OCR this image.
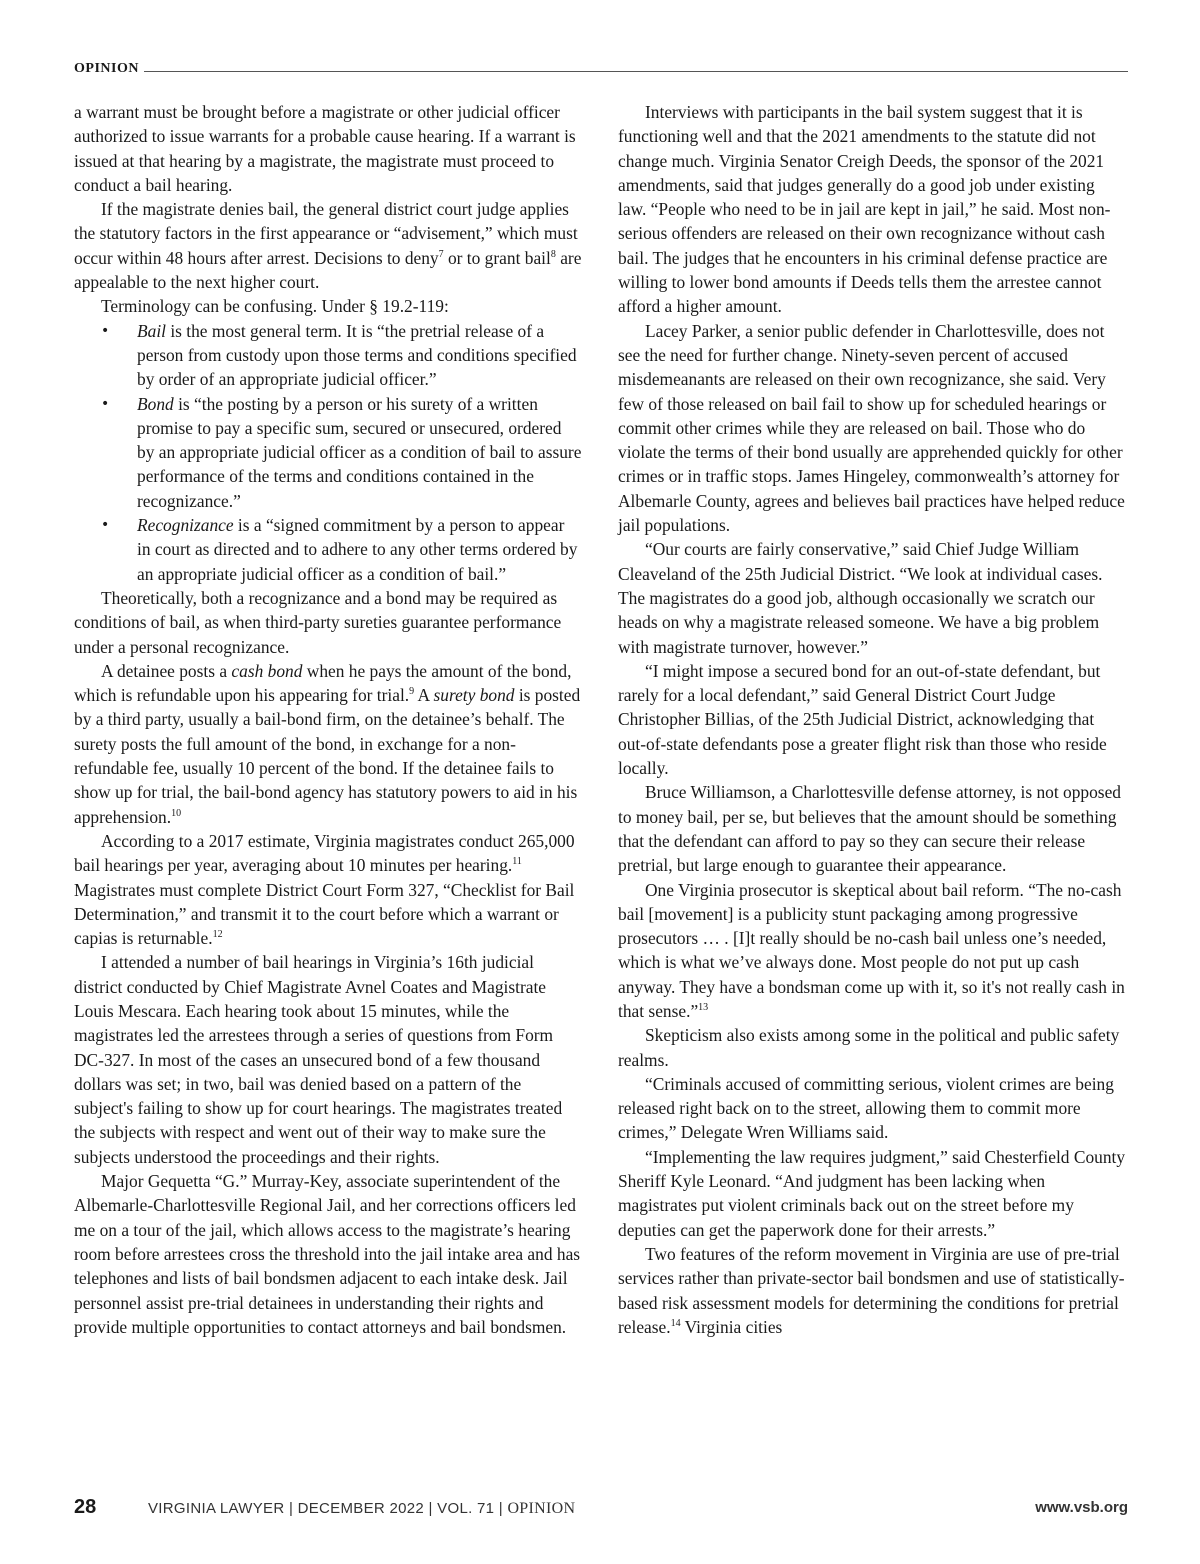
OPINION

a warrant must be brought before a magistrate or other judicial officer authorized to issue warrants for a probable cause hearing. If a warrant is issued at that hearing by a magistrate, the magistrate must proceed to conduct a bail hearing.

If the magistrate denies bail, the general district court judge applies the statutory factors in the first appearance or “advisement,” which must occur within 48 hours after arrest. Decisions to deny$^7$ or to grant bail$^8$ are appealable to the next higher court.

Terminology can be confusing. Under § 19.2-119:

• Bail is the most general term. It is “the pretrial release of a person from custody upon those terms and conditions specified by order of an appropriate judicial officer.”
• Bond is “the posting by a person or his surety of a written promise to pay a specific sum, secured or unsecured, ordered by an appropriate judicial officer as a condition of bail to assure performance of the terms and conditions contained in the recognizance.”
• Recognizance is a “signed commitment by a person to appear in court as directed and to adhere to any other terms ordered by an appropriate judicial officer as a condition of bail.”

Theoretically, both a recognizance and a bond may be required as conditions of bail, as when third-party sureties guarantee performance under a personal recognizance.

A detainee posts a cash bond when he pays the amount of the bond, which is refundable upon his appearing for trial.$^9$ A surety bond is posted by a third party, usually a bail-bond firm, on the detainee’s behalf. The surety posts the full amount of the bond, in exchange for a non-refundable fee, usually 10 percent of the bond. If the detainee fails to show up for trial, the bail-bond agency has statutory powers to aid in his apprehension.$^{10}$

According to a 2017 estimate, Virginia magistrates conduct 265,000 bail hearings per year, averaging about 10 minutes per hearing.$^{11}$ Magistrates must complete District Court Form 327, “Checklist for Bail Determination,” and transmit it to the court before which a warrant or capias is returnable.$^{12}$

I attended a number of bail hearings in Virginia’s 16th judicial district conducted by Chief Magistrate Avnel Coates and Magistrate Louis Mescara. Each hearing took about 15 minutes, while the magistrates led the arrestees through a series of questions from Form DC-327. In most of the cases an unsecured bond of a few thousand dollars was set; in two, bail was denied based on a pattern of the subject's failing to show up for court hearings. The magistrates treated the subjects with respect and went out of their way to make sure the subjects understood the proceedings and their rights.

Major Gequetta “G.” Murray-Key, associate superintendent of the Albemarle-Charlottesville Regional Jail, and her corrections officers led me on a tour of the jail, which allows access to the magistrate’s hearing room before arrestees cross the threshold into the jail intake area and has telephones and lists of bail bondsmen adjacent to each intake desk. Jail personnel assist pre-trial detainees in understanding their rights and provide multiple opportunities to contact attorneys and bail bondsmen.

Interviews with participants in the bail system suggest that it is functioning well and that the 2021 amendments to the statute did not change much. Virginia Senator Creigh Deeds, the sponsor of the 2021 amendments, said that judges generally do a good job under existing law. “People who need to be in jail are kept in jail,” he said. Most non-serious offenders are released on their own recognizance without cash bail. The judges that he encounters in his criminal defense practice are willing to lower bond amounts if Deeds tells them the arrestee cannot afford a higher amount.

Lacey Parker, a senior public defender in Charlottesville, does not see the need for further change. Ninety-seven percent of accused misdemeanants are released on their own recognizance, she said. Very few of those released on bail fail to show up for scheduled hearings or commit other crimes while they are released on bail. Those who do violate the terms of their bond usually are apprehended quickly for other crimes or in traffic stops. James Hingeley, commonwealth’s attorney for Albemarle County, agrees and believes bail practices have helped reduce jail populations.

“Our courts are fairly conservative,” said Chief Judge William Cleaveland of the 25th Judicial District. “We look at individual cases. The magistrates do a good job, although occasionally we scratch our heads on why a magistrate released someone. We have a big problem with magistrate turnover, however.”

“I might impose a secured bond for an out-of-state defendant, but rarely for a local defendant,” said General District Court Judge Christopher Billias, of the 25th Judicial District, acknowledging that out-of-state defendants pose a greater flight risk than those who reside locally.

Bruce Williamson, a Charlottesville defense attorney, is not opposed to money bail, per se, but believes that the amount should be something that the defendant can afford to pay so they can secure their release pretrial, but large enough to guarantee their appearance.

One Virginia prosecutor is skeptical about bail reform. “The no-cash bail [movement] is a publicity stunt packaging among progressive prosecutors … . [I]t really should be no-cash bail unless one’s needed, which is what we’ve always done. Most people do not put up cash anyway. They have a bondsman come up with it, so it's not really cash in that sense.”$^{13}$

Skepticism also exists among some in the political and public safety realms.

“Criminals accused of committing serious, violent crimes are being released right back on to the street, allowing them to commit more crimes,” Delegate Wren Williams said.

“Implementing the law requires judgment,” said Chesterfield County Sheriff Kyle Leonard. “And judgment has been lacking when magistrates put violent criminals back out on the street before my deputies can get the paperwork done for their arrests.”

Two features of the reform movement in Virginia are use of pre-trial services rather than private-sector bail bondsmen and use of statistically-based risk assessment models for determining the conditions for pretrial release.$^{14}$ Virginia cities

28	VIRGINIA LAWYER | DECEMBER 2022 | VOL. 71 | OPINION	www.vsb.org
